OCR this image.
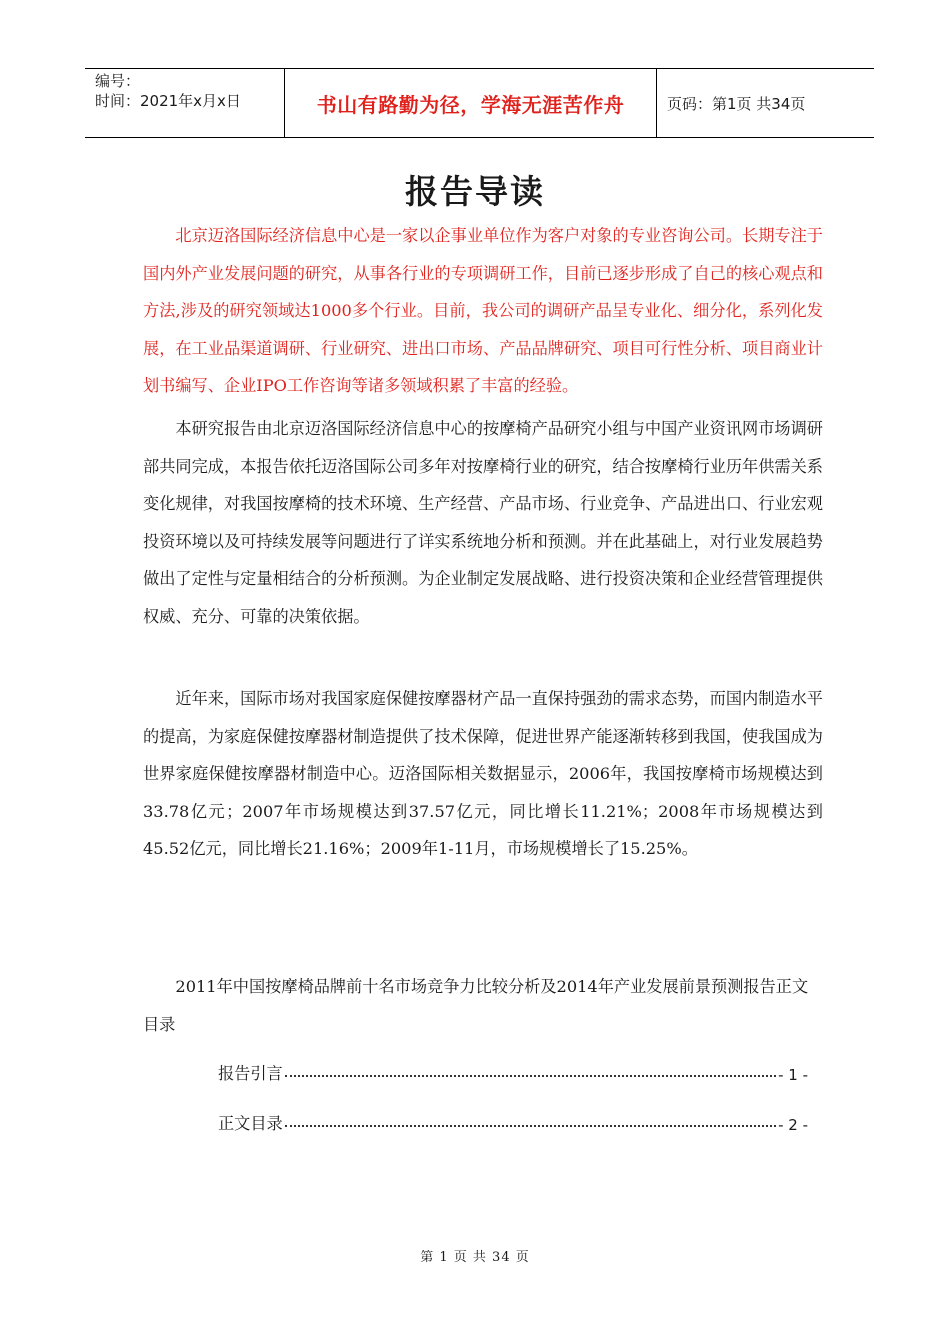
编号：
时间：2021年x月x日	书山有路勤为径，学海无涯苦作舟	页码：第1页 共34页
报告导读

北京迈洛国际经济信息中心是一家以企事业单位作为客户对象的专业咨询公司。长期专注于国内外产业发展问题的研究，从事各行业的专项调研工作，目前已逐步形成了自己的核心观点和方法,涉及的研究领域达1000多个行业。目前，我公司的调研产品呈专业化、细分化，系列化发展，在工业品渠道调研、行业研究、进出口市场、产品品牌研究、项目可行性分析、项目商业计划书编写、企业IPO工作咨询等诸多领域积累了丰富的经验。

本研究报告由北京迈洛国际经济信息中心的按摩椅产品研究小组与中国产业资讯网市场调研部共同完成，本报告依托迈洛国际公司多年对按摩椅行业的研究，结合按摩椅行业历年供需关系变化规律，对我国按摩椅的技术环境、生产经营、产品市场、行业竞争、产品进出口、行业宏观投资环境以及可持续发展等问题进行了详实系统地分析和预测。并在此基础上，对行业发展趋势做出了定性与定量相结合的分析预测。为企业制定发展战略、进行投资决策和企业经营管理提供权威、充分、可靠的决策依据。

近年来，国际市场对我国家庭保健按摩器材产品一直保持强劲的需求态势，而国内制造水平的提高，为家庭保健按摩器材制造提供了技术保障，促进世界产能逐渐转移到我国，使我国成为世界家庭保健按摩器材制造中心。迈洛国际相关数据显示，2006年，我国按摩椅市场规模达到33.78亿元；2007年市场规模达到37.57亿元，同比增长11.21%；2008年市场规模达到45.52亿元，同比增长21.16%；2009年1-11月，市场规模增长了15.25%。

2011年中国按摩椅品牌前十名市场竞争力比较分析及2014年产业发展前景预测报告正文目录

报告引言	- 1 -
正文目录	- 2 -
第 1 页 共 34 页
